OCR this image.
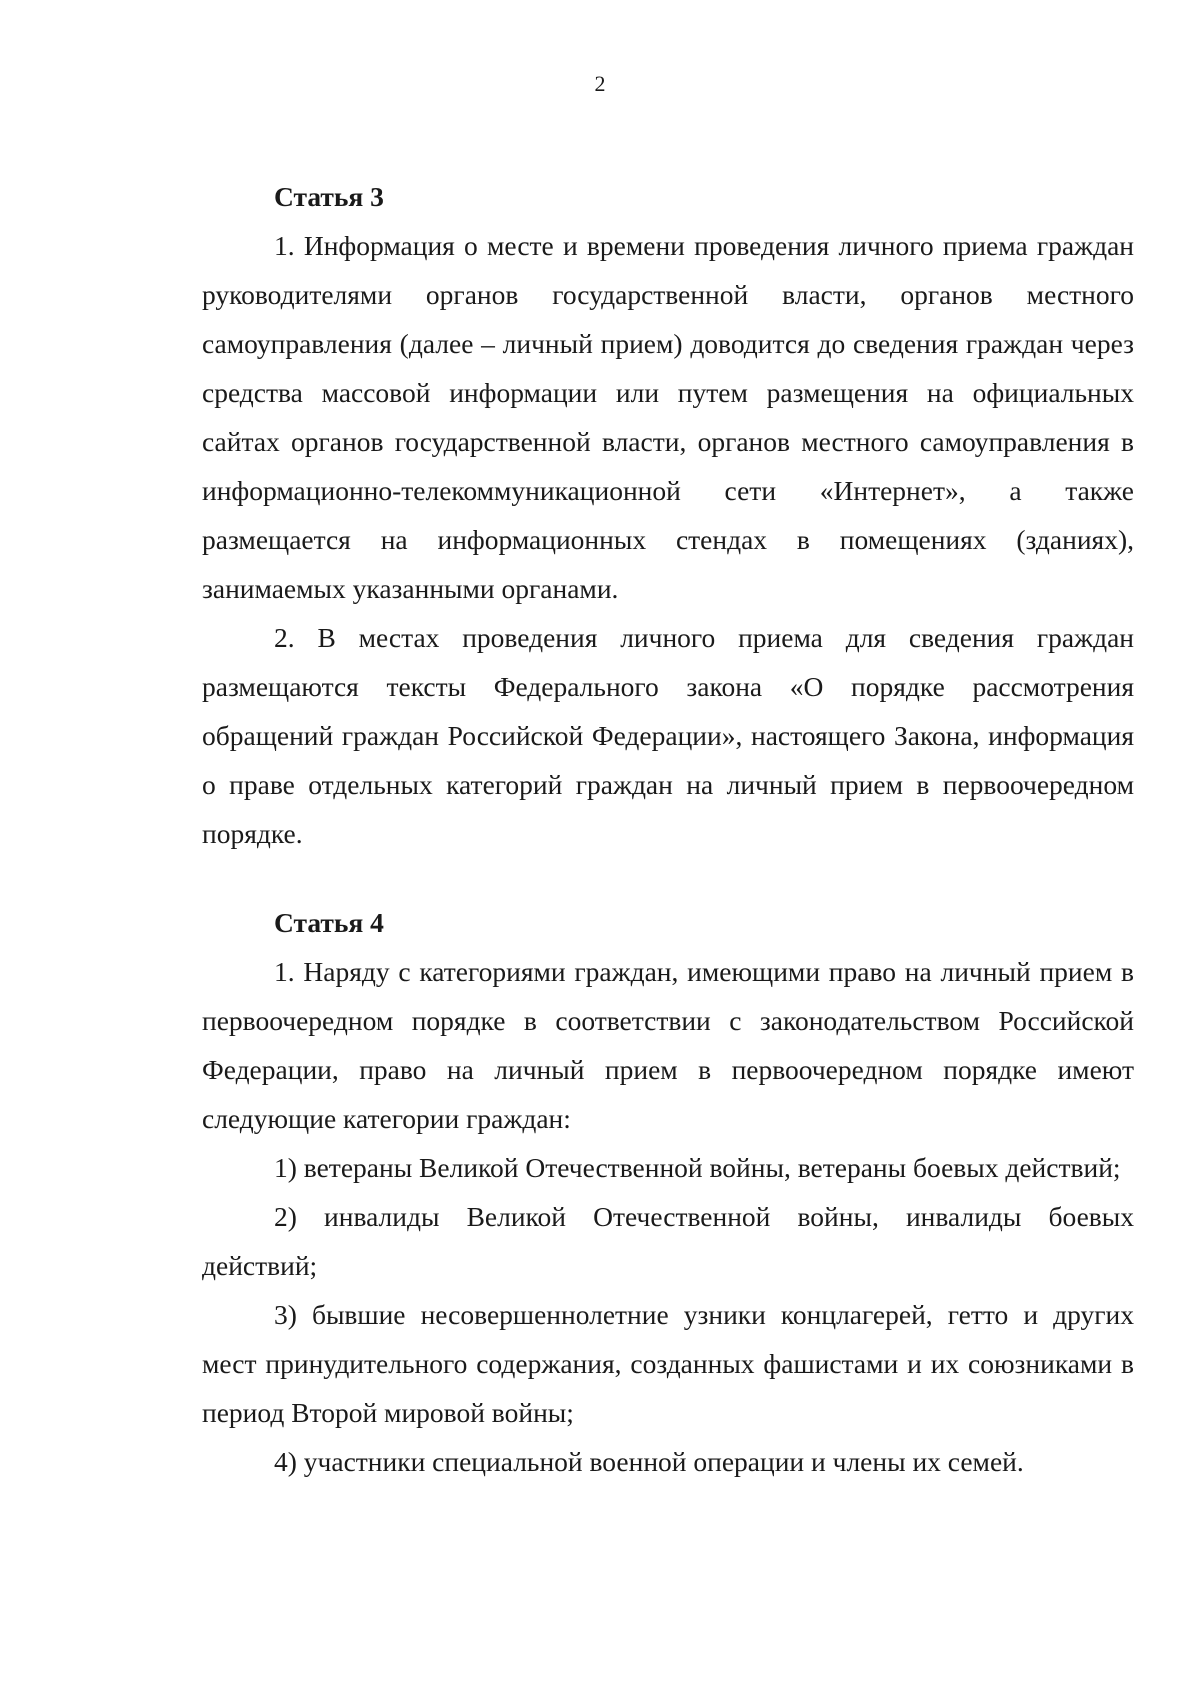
2

Статья 3

1. Информация о месте и времени проведения личного приема граждан руководителями органов государственной власти, органов местного самоуправления (далее – личный прием) доводится до сведения граждан через средства массовой информации или путем размещения на официальных сайтах органов государственной власти, органов местного самоуправления в информационно-телекоммуникационной сети «Интернет», а также размещается на информационных стендах в помещениях (зданиях), занимаемых указанными органами.

2. В местах проведения личного приема для сведения граждан размещаются тексты Федерального закона «О порядке рассмотрения обращений граждан Российской Федерации», настоящего Закона, информация о праве отдельных категорий граждан на личный прием в первоочередном порядке.

Статья 4

1. Наряду с категориями граждан, имеющими право на личный прием в первоочередном порядке в соответствии с законодательством Российской Федерации, право на личный прием в первоочередном порядке имеют следующие категории граждан:

1) ветераны Великой Отечественной войны, ветераны боевых действий;

2) инвалиды Великой Отечественной войны, инвалиды боевых действий;

3) бывшие несовершеннолетние узники концлагерей, гетто и других мест принудительного содержания, созданных фашистами и их союзниками в период Второй мировой войны;

4) участники специальной военной операции и члены их семей.
